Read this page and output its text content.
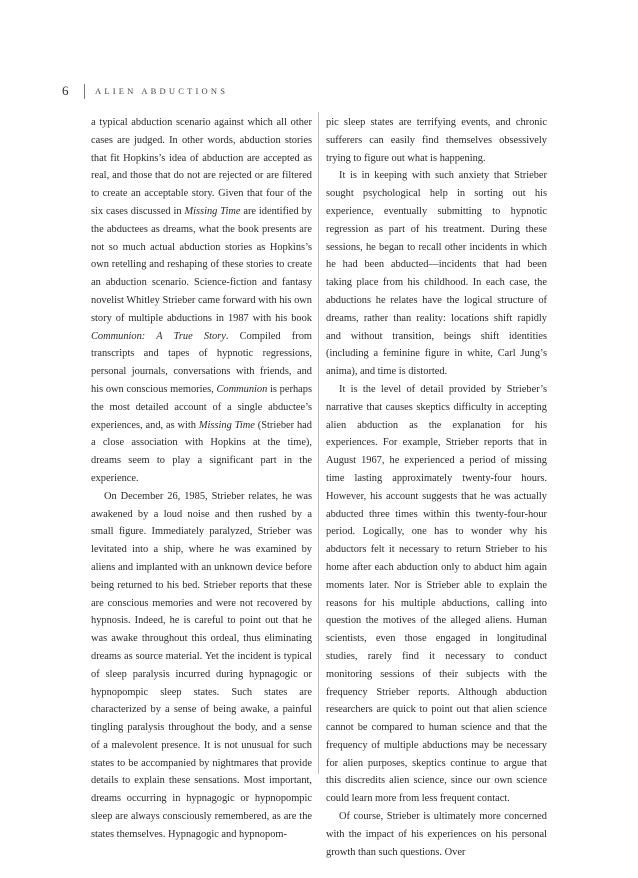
6	ALIEN ABDUCTIONS

a typical abduction scenario against which all other cases are judged. In other words, abduction stories that fit Hopkins’s idea of abduction are accepted as real, and those that do not are rejected or are filtered to create an acceptable story. Given that four of the six cases discussed in Missing Time are identified by the abductees as dreams, what the book presents are not so much actual abduction stories as Hopkins’s own retelling and reshaping of these stories to create an abduction scenario. Science-fiction and fantasy novelist Whitley Strieber came forward with his own story of multiple abductions in 1987 with his book Communion: A True Story. Compiled from transcripts and tapes of hypnotic regressions, personal journals, conversations with friends, and his own conscious memories, Communion is perhaps the most detailed account of a single abductee’s experiences, and, as with Missing Time (Strieber had a close association with Hopkins at the time), dreams seem to play a significant part in the experience.

On December 26, 1985, Strieber relates, he was awakened by a loud noise and then rushed by a small figure. Immediately paralyzed, Strieber was levitated into a ship, where he was examined by aliens and implanted with an unknown device before being returned to his bed. Strieber reports that these are conscious memories and were not recovered by hypnosis. Indeed, he is careful to point out that he was awake throughout this ordeal, thus eliminating dreams as source material. Yet the incident is typical of sleep paralysis incurred during hypnagogic or hypnopompic sleep states. Such states are characterized by a sense of being awake, a painful tingling paralysis throughout the body, and a sense of a malevolent presence. It is not unusual for such states to be accompanied by nightmares that provide details to explain these sensations. Most important, dreams occurring in hypnagogic or hypnopompic sleep are always consciously remembered, as are the states themselves. Hypnagogic and hypnopom-

pic sleep states are terrifying events, and chronic sufferers can easily find themselves obsessively trying to figure out what is happening.

It is in keeping with such anxiety that Strieber sought psychological help in sorting out his experience, eventually submitting to hypnotic regression as part of his treatment. During these sessions, he began to recall other incidents in which he had been abducted—incidents that had been taking place from his childhood. In each case, the abductions he relates have the logical structure of dreams, rather than reality: locations shift rapidly and without transition, beings shift identities (including a feminine figure in white, Carl Jung’s anima), and time is distorted.

It is the level of detail provided by Strieber’s narrative that causes skeptics difficulty in accepting alien abduction as the explanation for his experiences. For example, Strieber reports that in August 1967, he experienced a period of missing time lasting approximately twenty-four hours. However, his account suggests that he was actually abducted three times within this twenty-four-hour period. Logically, one has to wonder why his abductors felt it necessary to return Strieber to his home after each abduction only to abduct him again moments later. Nor is Strieber able to explain the reasons for his multiple abductions, calling into question the motives of the alleged aliens. Human scientists, even those engaged in longitudinal studies, rarely find it necessary to conduct monitoring sessions of their subjects with the frequency Strieber reports. Although abduction researchers are quick to point out that alien science cannot be compared to human science and that the frequency of multiple abductions may be necessary for alien purposes, skeptics continue to argue that this discredits alien science, since our own science could learn more from less frequent contact.

Of course, Strieber is ultimately more concerned with the impact of his experiences on his personal growth than such questions. Over
